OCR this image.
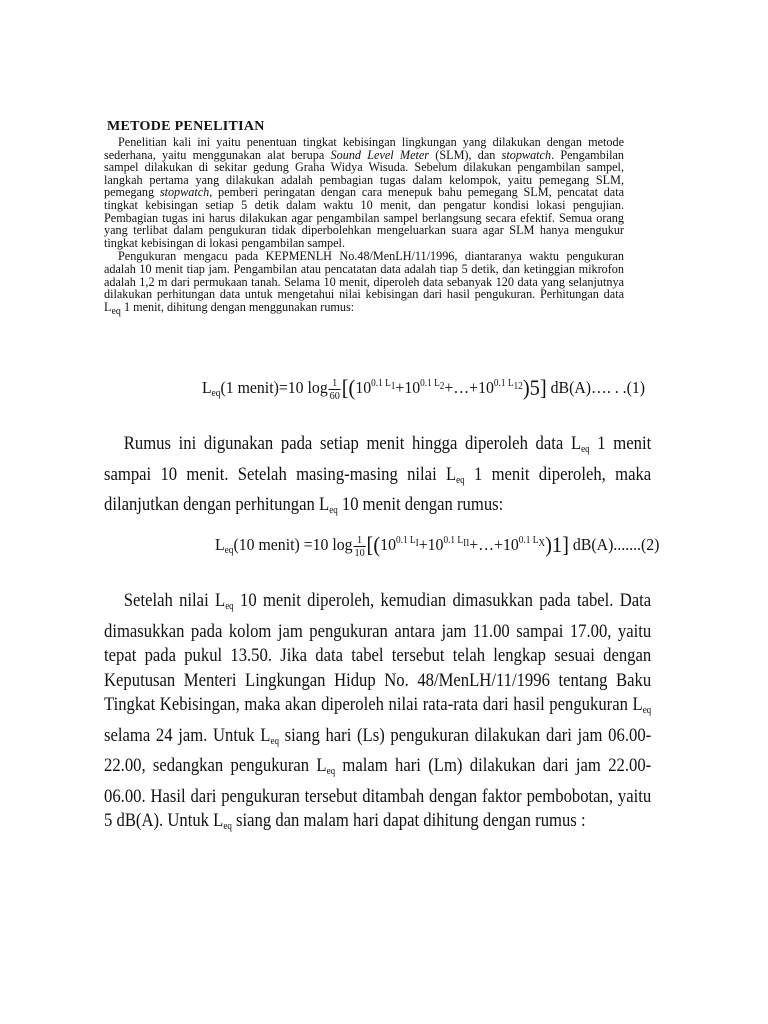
METODE PENELITIAN

Penelitian kali ini yaitu penentuan tingkat kebisingan lingkungan yang dilakukan dengan metode sederhana, yaitu menggunakan alat berupa Sound Level Meter (SLM), dan stopwatch. Pengambilan sampel dilakukan di sekitar gedung Graha Widya Wisuda. Sebelum dilakukan pengambilan sampel, langkah pertama yang dilakukan adalah pembagian tugas dalam kelompok, yaitu pemegang SLM, pemegang stopwatch, pemberi peringatan dengan cara menepuk bahu pemegang SLM, pencatat data tingkat kebisingan setiap 5 detik dalam waktu 10 menit, dan pengatur kondisi lokasi pengujian. Pembagian tugas ini harus dilakukan agar pengambilan sampel berlangsung secara efektif. Semua orang yang terlibat dalam pengukuran tidak diperbolehkan mengeluarkan suara agar SLM hanya mengukur tingkat kebisingan di lokasi pengambilan sampel.

Pengukuran mengacu pada KEPMENLH No.48/MenLH/11/1996, diantaranya waktu pengukuran adalah 10 menit tiap jam. Pengambilan atau pencatatan data adalah tiap 5 detik, dan ketinggian mikrofon adalah 1,2 m dari permukaan tanah. Selama 10 menit, diperoleh data sebanyak 120 data yang selanjutnya dilakukan perhitungan data untuk mengetahui nilai kebisingan dari hasil pengukuran. Perhitungan data $L_{eq}$ 1 menit, dihitung dengan menggunakan rumus:

$L_{eq}(1$ menit)=10 $\log \frac{1}{60}$ $[(10^{0.1 L_1}+10^{0.1 L_2}+\dots+10^{0.1 L_{12}})5]$ dB(A)…. . .(1)

Rumus ini digunakan pada setiap menit hingga diperoleh data $L_{eq}$ 1 menit sampai 10 menit. Setelah masing-masing nilai $L_{eq}$ 1 menit diperoleh, maka dilanjutkan dengan perhitungan $L_{eq}$ 10 menit dengan rumus:

$L_{eq}(10$ menit) =10 $\log \frac{1}{10}$ $[(10^{0.1 L_I}+10^{0.1 L_{II}}+\dots+10^{0.1 L_X})1]$ dB(A).......(2)

Setelah nilai $L_{eq}$ 10 menit diperoleh, kemudian dimasukkan pada tabel. Data dimasukkan pada kolom jam pengukuran antara jam 11.00 sampai 17.00, yaitu tepat pada pukul 13.50. Jika data tabel tersebut telah lengkap sesuai dengan Keputusan Menteri Lingkungan Hidup No. 48/MenLH/11/1996 tentang Baku Tingkat Kebisingan, maka akan diperoleh nilai rata-rata dari hasil pengukuran $L_{eq}$ selama 24 jam. Untuk $L_{eq}$ siang hari (Ls) pengukuran dilakukan dari jam 06.00-22.00, sedangkan pengukuran $L_{eq}$ malam hari (Lm) dilakukan dari jam 22.00-06.00. Hasil dari pengukuran tersebut ditambah dengan faktor pembobotan, yaitu 5 dB(A). Untuk $L_{eq}$ siang dan malam hari dapat dihitung dengan rumus :
